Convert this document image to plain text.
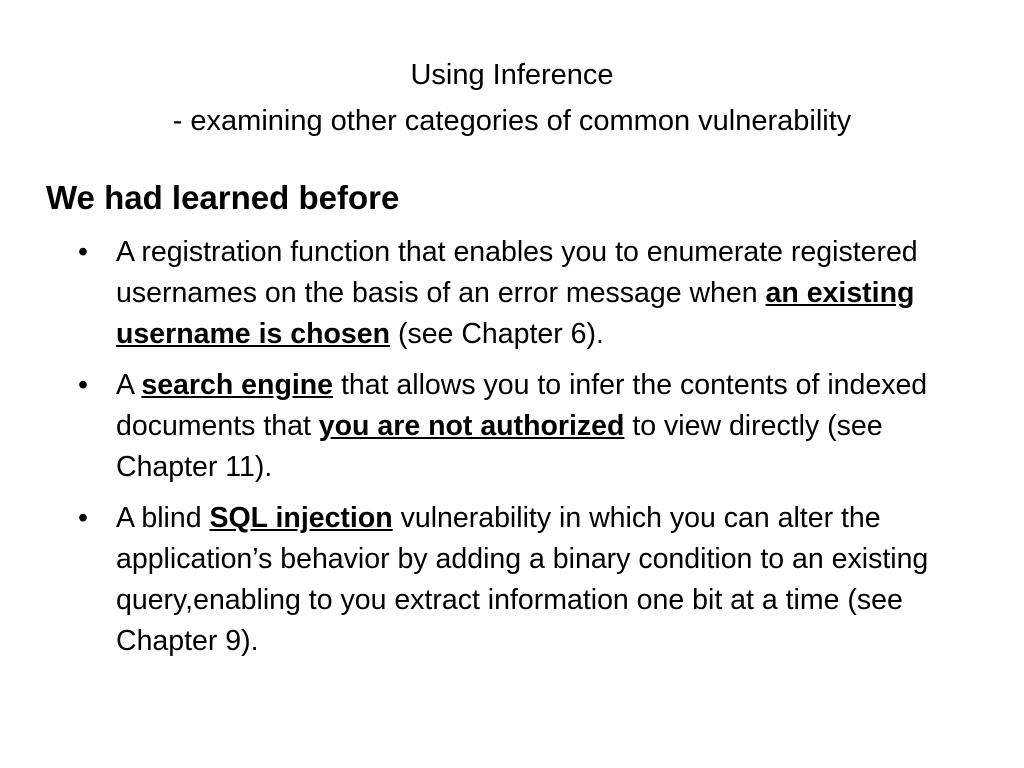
Using Inference
- examining other categories of common vulnerability
We had learned before
• A registration function that enables you to enumerate registered usernames on the basis of an error message when an existing username is chosen (see Chapter 6).
• A search engine that allows you to infer the contents of indexed documents that you are not authorized to view directly (see Chapter 11).
• A blind SQL injection vulnerability in which you can alter the application’s behavior by adding a binary condition to an existing query,enabling to you extract information one bit at a time (see Chapter 9).
